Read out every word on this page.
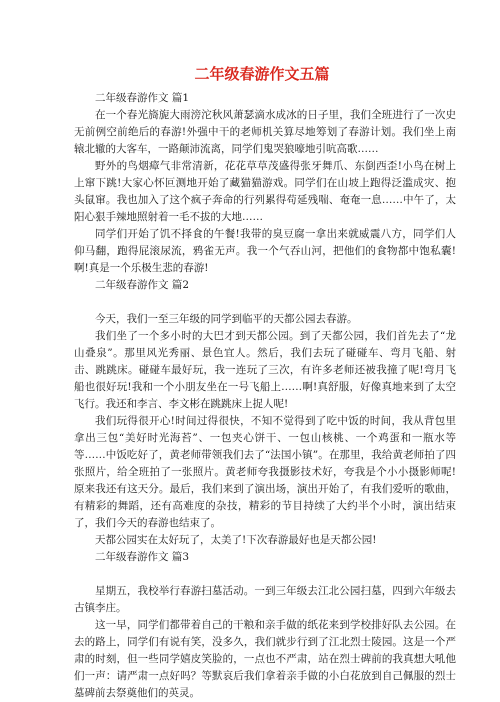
二年级春游作文五篇

二年级春游作文 篇1

在一个春光旖旎大雨滂沱秋风萧瑟滴水成冰的日子里，我们全班进行了一次史无前例空前绝后的春游!外强中干的老师机关算尽地筹划了春游计划。我们坐上南辕北辙的大客车，一路颠沛流离，同学们鬼哭狼嚎地引吭高歌……

野外的鸟烟瘴气非常清新，花花草草茂盛得张牙舞爪、东倒西歪!小鸟在树上上窜下跳!大家心怀叵测地开始了藏猫猫游戏。同学们在山坡上跑得泛滥成灾、抱头鼠窜。我也加入了这个疯子奔命的行列累得苟延残喘、奄奄一息……中午了，太阳心狠手辣地照射着一毛不拔的大地……

同学们开始了饥不择食的午餐!我带的臭豆腐一拿出来就威震八方，同学们人仰马翻，跑得屁滚尿流，鸦雀无声。我一个气吞山河，把他们的食物都中饱私囊!啊!真是一个乐极生悲的春游!

二年级春游作文 篇2

今天，我们一至三年级的同学到临平的天都公园去春游。

我们坐了一个多小时的大巴才到天都公园。到了天都公园，我们首先去了“龙山叠泉”。那里风光秀丽、景色宜人。然后，我们去玩了碰碰车、弯月飞船、射击、跳跳床。碰碰车最好玩，我一连玩了三次，有许多老师还被我撞了呢!弯月飞船也很好玩!我和一个小朋友坐在一号飞船上……啊!真舒服，好像真地来到了太空飞行。我还和李言、李文彬在跳跳床上捉人呢!

我们玩得很开心!时间过得很快，不知不觉得到了吃中饭的时间，我从背包里拿出三包“美好时光海苔”、一包夹心饼干、一包山核桃、一个鸡蛋和一瓶水等等……中饭吃好了，黄老师带领我们去了“法国小镇”。在那里，我给黄老师拍了四张照片，给全班拍了一张照片。黄老师夸我摄影技术好，夸我是个小小摄影师呢!原来我还有这天分。最后，我们来到了演出场，演出开始了，有我们爱听的歌曲，有精彩的舞蹈，还有高难度的杂技，精彩的节目持续了大约半个小时，演出结束了，我们今天的春游也结束了。

天都公园实在太好玩了，太美了!下次春游最好也是天都公园!

二年级春游作文 篇3

星期五，我校举行春游扫墓活动。一到三年级去江北公园扫墓，四到六年级去古镇李庄。

这一早，同学们都带着自己的干粮和亲手做的纸花来到学校排好队去公园。在去的路上，同学们有说有笑，没多久，我们就步行到了江北烈士陵园。这是一个严肃的时刻，但一些同学嬉皮笑脸的，一点也不严肃，站在烈士碑前的我真想大吼他们一声：请严肃一点好吗？等默哀后我们拿着亲手做的小白花放到自己佩服的烈士墓碑前去祭奠他们的英灵。
